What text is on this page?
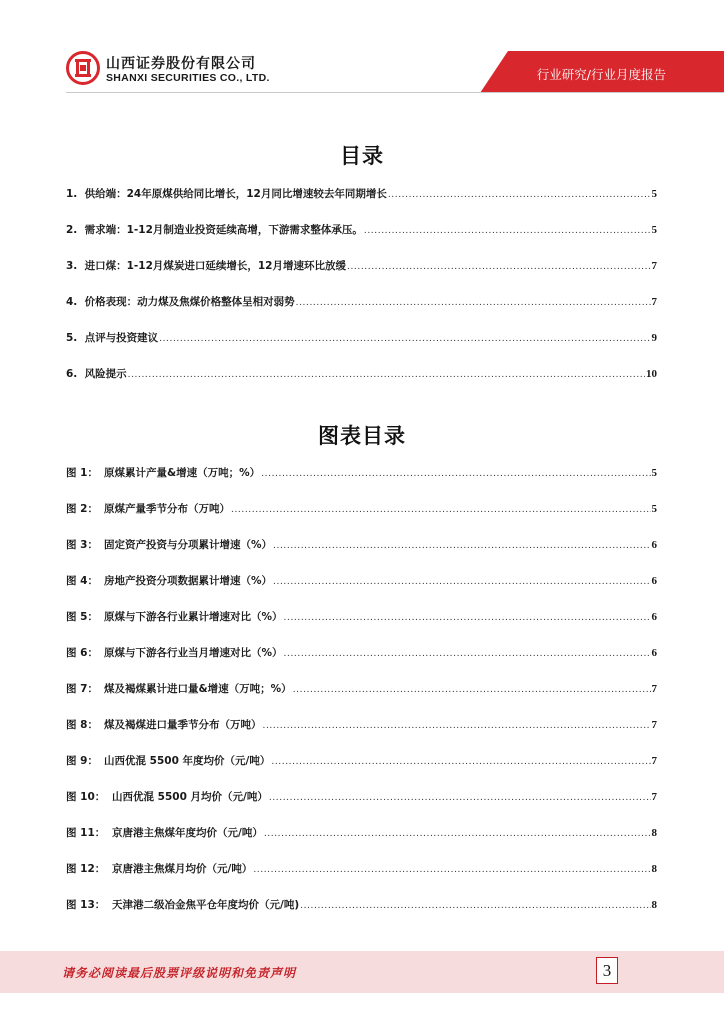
山西证券股份有限公司
SHANXI SECURITIES CO., LTD.	行业研究/行业月度报告
目录
1.  供给端：24年原煤供给同比增长，12月同比增速较去年同期增长 .....	5
2.  需求端：1-12月制造业投资延续高增，下游需求整体承压。 .....	5
3.  进口煤：1-12月煤炭进口延续增长，12月增速环比放缓 .....	7
4.  价格表现：动力煤及焦煤价格整体呈相对弱势 .....	7
5.  点评与投资建议 .....	9
6.  风险提示 .....	10
图表目录
图 1： 原煤累计产量&增速（万吨；%） .....	5
图 2： 原煤产量季节分布（万吨） .....	5
图 3： 固定资产投资与分项累计增速（%） .....	6
图 4： 房地产投资分项数据累计增速（%） .....	6
图 5： 原煤与下游各行业累计增速对比（%） .....	6
图 6： 原煤与下游各行业当月增速对比（%） .....	6
图 7： 煤及褐煤累计进口量&增速（万吨；%） .....	7
图 8： 煤及褐煤进口量季节分布（万吨） .....	7
图 9： 山西优混 5500 年度均价（元/吨） .....	7
图 10： 山西优混 5500 月均价（元/吨） .....	7
图 11： 京唐港主焦煤年度均价（元/吨） .....	8
图 12： 京唐港主焦煤月均价（元/吨） .....	8
图 13： 天津港二级冶金焦平仓年度均价（元/吨) .....	8
请务必阅读最后股票评级说明和免责声明	3
